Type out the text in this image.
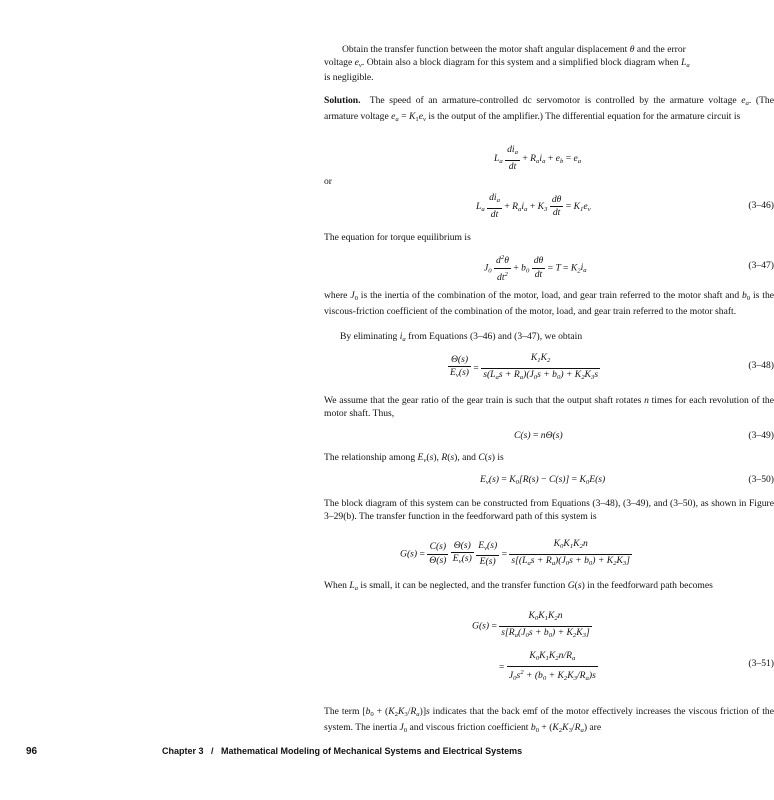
Obtain the transfer function between the motor shaft angular displacement θ and the error
voltage $e_v$. Obtain also a block diagram for this system and a simplified block diagram when $L_a$
is negligible.
Solution.  The speed of an armature-controlled dc servomotor is controlled by the armature voltage $e_a$. (The armature voltage $e_a = K_1e_v$ is the output of the amplifier.) The differential equation for the armature circuit is
$L_a \frac{di_a}{dt} + R_ai_a + e_b = e_a$
or
$L_a \frac{di_a}{dt} + R_ai_a + K_3 \frac{d\theta}{dt} = K_1e_v$	(3–46)
The equation for torque equilibrium is
$J_0 \frac{d^2\theta}{dt^2} + b_0 \frac{d\theta}{dt} = T = K_2i_a$	(3–47)
where $J_0$ is the inertia of the combination of the motor, load, and gear train referred to the motor shaft and $b_0$ is the viscous-friction coefficient of the combination of the motor, load, and gear train referred to the motor shaft.
By eliminating $i_a$ from Equations (3–46) and (3–47), we obtain
$\frac{\Theta(s)}{E_v(s)} = \frac{K_1K_2}{s(L_as + R_a)(J_0s + b_0) + K_2K_3s}$	(3–48)
We assume that the gear ratio of the gear train is such that the output shaft rotates n times for each revolution of the motor shaft. Thus,
C(s) = nΘ(s)	(3–49)
The relationship among $E_v(s)$, R(s), and C(s) is
$E_v(s) = K_0[R(s) - C(s)] = K_0E(s)$	(3–50)
The block diagram of this system can be constructed from Equations (3–48), (3–49), and (3–50), as shown in Figure 3–29(b). The transfer function in the feedforward path of this system is
$G(s) = \frac{C(s)}{\Theta(s)}$
$\frac{\Theta(s)}{E_v(s)}$
$\frac{E_v(s)}{E(s)} = \frac{K_0K_1K_2n}{s[(L_as + R_a)(J_0s + b_0) + K_2K_3]}$
When $L_a$ is small, it can be neglected, and the transfer function G(s) in the feedforward path becomes
$G(s) = \frac{K_0K_1K_2n}{s[R_a(J_0s + b_0) + K_2K_3]}$
= $\frac{K_0K_1K_2n/R_a}{J_0s^2 + (b_0 + K_2K_3/R_a)s}$	(3–51)
The term $[b_0 + (K_2K_3/R_a)]s$ indicates that the back emf of the motor effectively increases the viscous friction of the system. The inertia $J_0$ and viscous friction coefficient $b_0 + (K_2K_3/R_a)$ are
96	Chapter 3   /   Mathematical Modeling of Mechanical Systems and Electrical Systems
